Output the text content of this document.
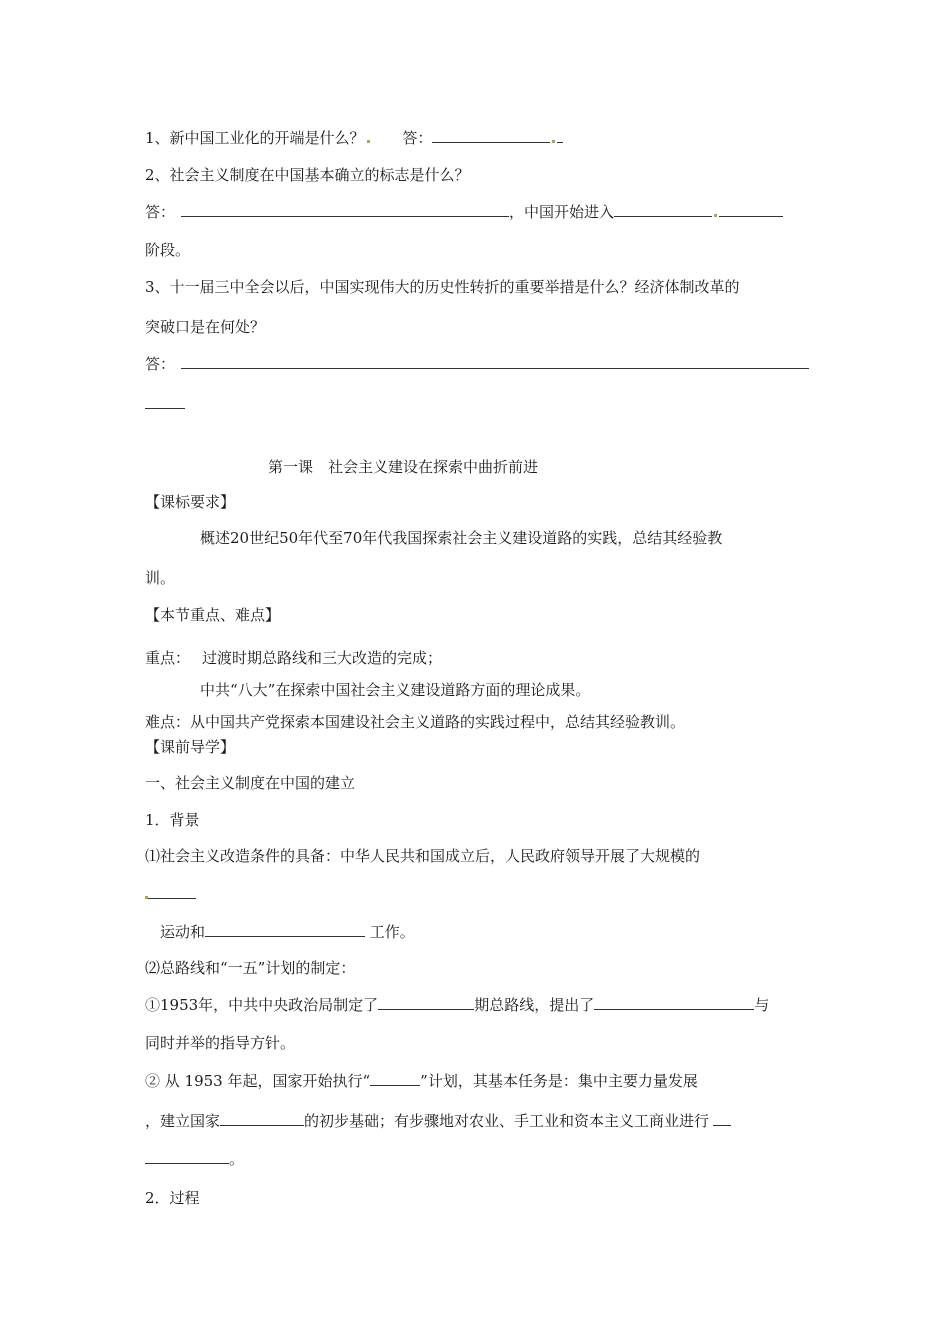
1、新中国工业化的开端是什么？	答：
2、社会主义制度在中国基本确立的标志是什么？
答：	，中国开始进入
阶段。
3、十一届三中全会以后，中国实现伟大的历史性转折的重要举措是什么？经济体制改革的
突破口是在何处？
答：
第一课　社会主义建设在探索中曲折前进
【课标要求】
概述20世纪50年代至70年代我国探索社会主义建设道路的实践，总结其经验教
训。
【本节重点、难点】
重点： 过渡时期总路线和三大改造的完成；
中共“八大”在探索中国社会主义建设道路方面的理论成果。
难点：从中国共产党探索本国建设社会主义道路的实践过程中，总结其经验教训。
【课前导学】
一、社会主义制度在中国的建立
1．背景
⑴社会主义改造条件的具备：中华人民共和国成立后，人民政府领导开展了大规模的
运动和	工作。
⑵总路线和“一五”计划的制定：
①1953年，中共中央政治局制定了	期总路线，提出了	与
同时并举的指导方针。
② 从 1953 年起，国家开始执行“	”计划，其基本任务是：集中主要力量发展
，建立国家	的初步基础；有步骤地对农业、手工业和资本主义工商业进行
。
2．过程
